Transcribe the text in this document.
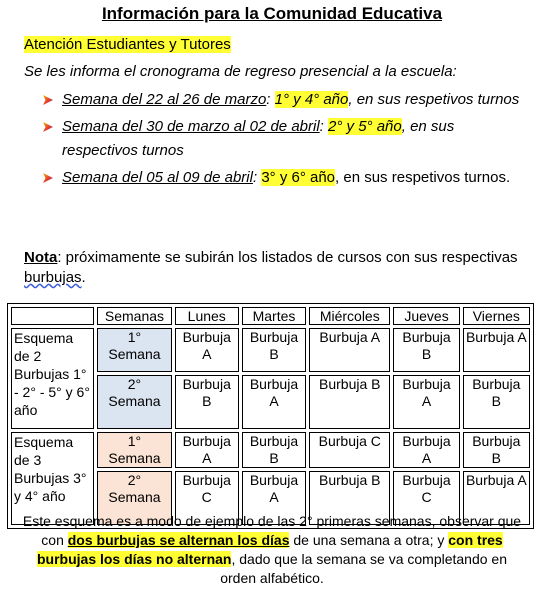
Información para la Comunidad Educativa
Atención Estudiantes y Tutores
Se les informa el cronograma de regreso presencial a la escuela:
Semana del 22 al 26 de marzo: 1° y 4° año, en sus respetivos turnos
Semana del 30 de marzo al 02 de abril: 2° y 5° año, en sus respectivos turnos
Semana del 05 al 09 de abril: 3° y 6° año, en sus respetivos turnos.
Nota: próximamente se subirán los listados de cursos con sus respectivas burbujas.
	Semanas	Lunes	Martes	Miércoles	Jueves	Viernes
Esquema de 2 Burbujas 1° - 2° - 5° y 6° año	1° Semana	Burbuja A	Burbuja B	Burbuja A	Burbuja B	Burbuja A
	2° Semana	Burbuja B	Burbuja A	Burbuja B	Burbuja A	Burbuja B
Esquema de 3 Burbujas 3° y 4° año	1° Semana	Burbuja A	Burbuja B	Burbuja C	Burbuja A	Burbuja B
	2° Semana	Burbuja C	Burbuja A	Burbuja B	Burbuja C	Burbuja A
Este esquema es a modo de ejemplo de las 2° primeras semanas, observar que con dos burbujas se alternan los días de una semana a otra; y con tres burbujas los días no alternan, dado que la semana se va completando en orden alfabético.
